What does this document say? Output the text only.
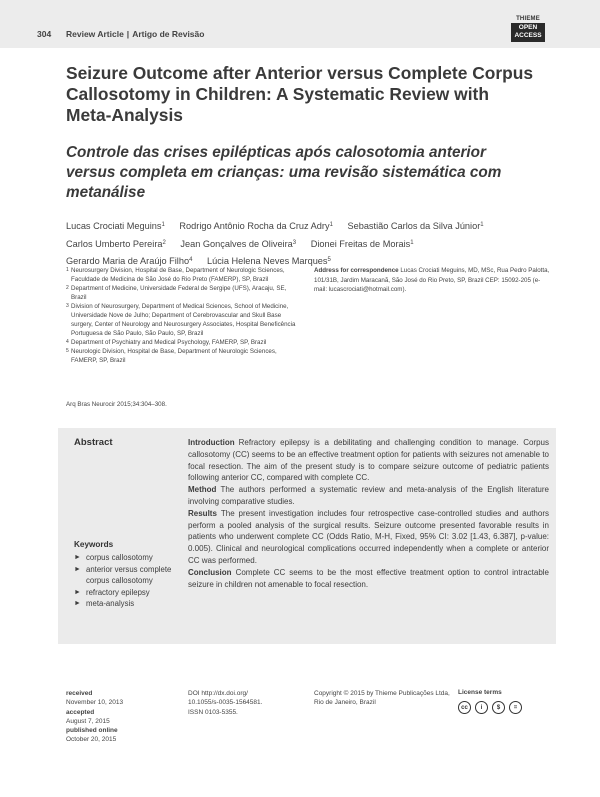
304 Review Article | Artigo de Revisão
THIEME
OPEN
ACCESS
Seizure Outcome after Anterior versus Complete Corpus Callosotomy in Children: A Systematic Review with Meta-Analysis
Controle das crises epilépticas após calosotomia anterior versus completa em crianças: uma revisão sistemática com metanálise
Lucas Crociati Meguins$^1$ Rodrigo Antônio Rocha da Cruz Adry$^1$ Sebastião Carlos da Silva Júnior$^1$
Carlos Umberto Pereira$^2$ Jean Gonçalves de Oliveira$^3$ Dionei Freitas de Morais$^1$
Gerardo Maria de Araújo Filho$^4$ Lúcia Helena Neves Marques$^5$
1 Neurosurgery Division, Hospital de Base, Department of Neurologic Sciences, Faculdade de Medicina de São José do Rio Preto (FAMERP), SP, Brazil
2 Department of Medicine, Universidade Federal de Sergipe (UFS), Aracaju, SE, Brazil
3 Division of Neurosurgery, Department of Medical Sciences, School of Medicine, Universidade Nove de Julho; Department of Cerebrovascular and Skull Base surgery, Center of Neurology and Neurosurgery Associates, Hospital Beneficência Portuguesa de São Paulo, São Paulo, SP, Brazil
4 Department of Psychiatry and Medical Psychology, FAMERP, SP, Brazil
5 Neurologic Division, Hospital de Base, Department of Neurologic Sciences, FAMERP, SP, Brazil
Arq Bras Neurocir 2015;34:304–308.
Address for correspondence Lucas Crociati Meguins, MD, MSc, Rua Pedro Palotta, 101/31B, Jardim Maracanã, São José do Rio Preto, SP, Brazil CEP: 15092-205 (e-mail: lucascrociati@hotmail.com).
Abstract	Introduction Refractory epilepsy is a debilitating and challenging condition to manage. Corpus callosotomy (CC) seems to be an effective treatment option for patients with seizures not amenable to focal resection. The aim of the present study is to compare seizure outcome of pediatric patients following anterior CC, compared with complete CC.

Method The authors performed a systematic review and meta-analysis of the English literature involving comparative studies.

Results The present investigation includes four retrospective case-controlled studies and authors perform a pooled analysis of the surgical results. Seizure outcome presented favorable results in patients who underwent complete CC (Odds Ratio, M-H, Fixed, 95% CI: 3.02 [1.43, 6.387], p-value: 0.005). Clinical and neurological complications occurred independently when a complete or anterior CC was performed.

Conclusion Complete CC seems to be the most effective treatment option to control intractable seizure in children not amenable to focal resection.

Keywords
► corpus callosotomy
► anterior versus complete corpus callosotomy
► refractory epilepsy
► meta-analysis
received
November 10, 2013
accepted
August 7, 2015
published online
October 20, 2015
DOI http://dx.doi.org/
10.1055/s-0035-1564581.
ISSN 0103-5355.
Copyright © 2015 by Thieme Publicações Ltda, Rio de Janeiro, Brazil
License terms
cc	i	$	=
